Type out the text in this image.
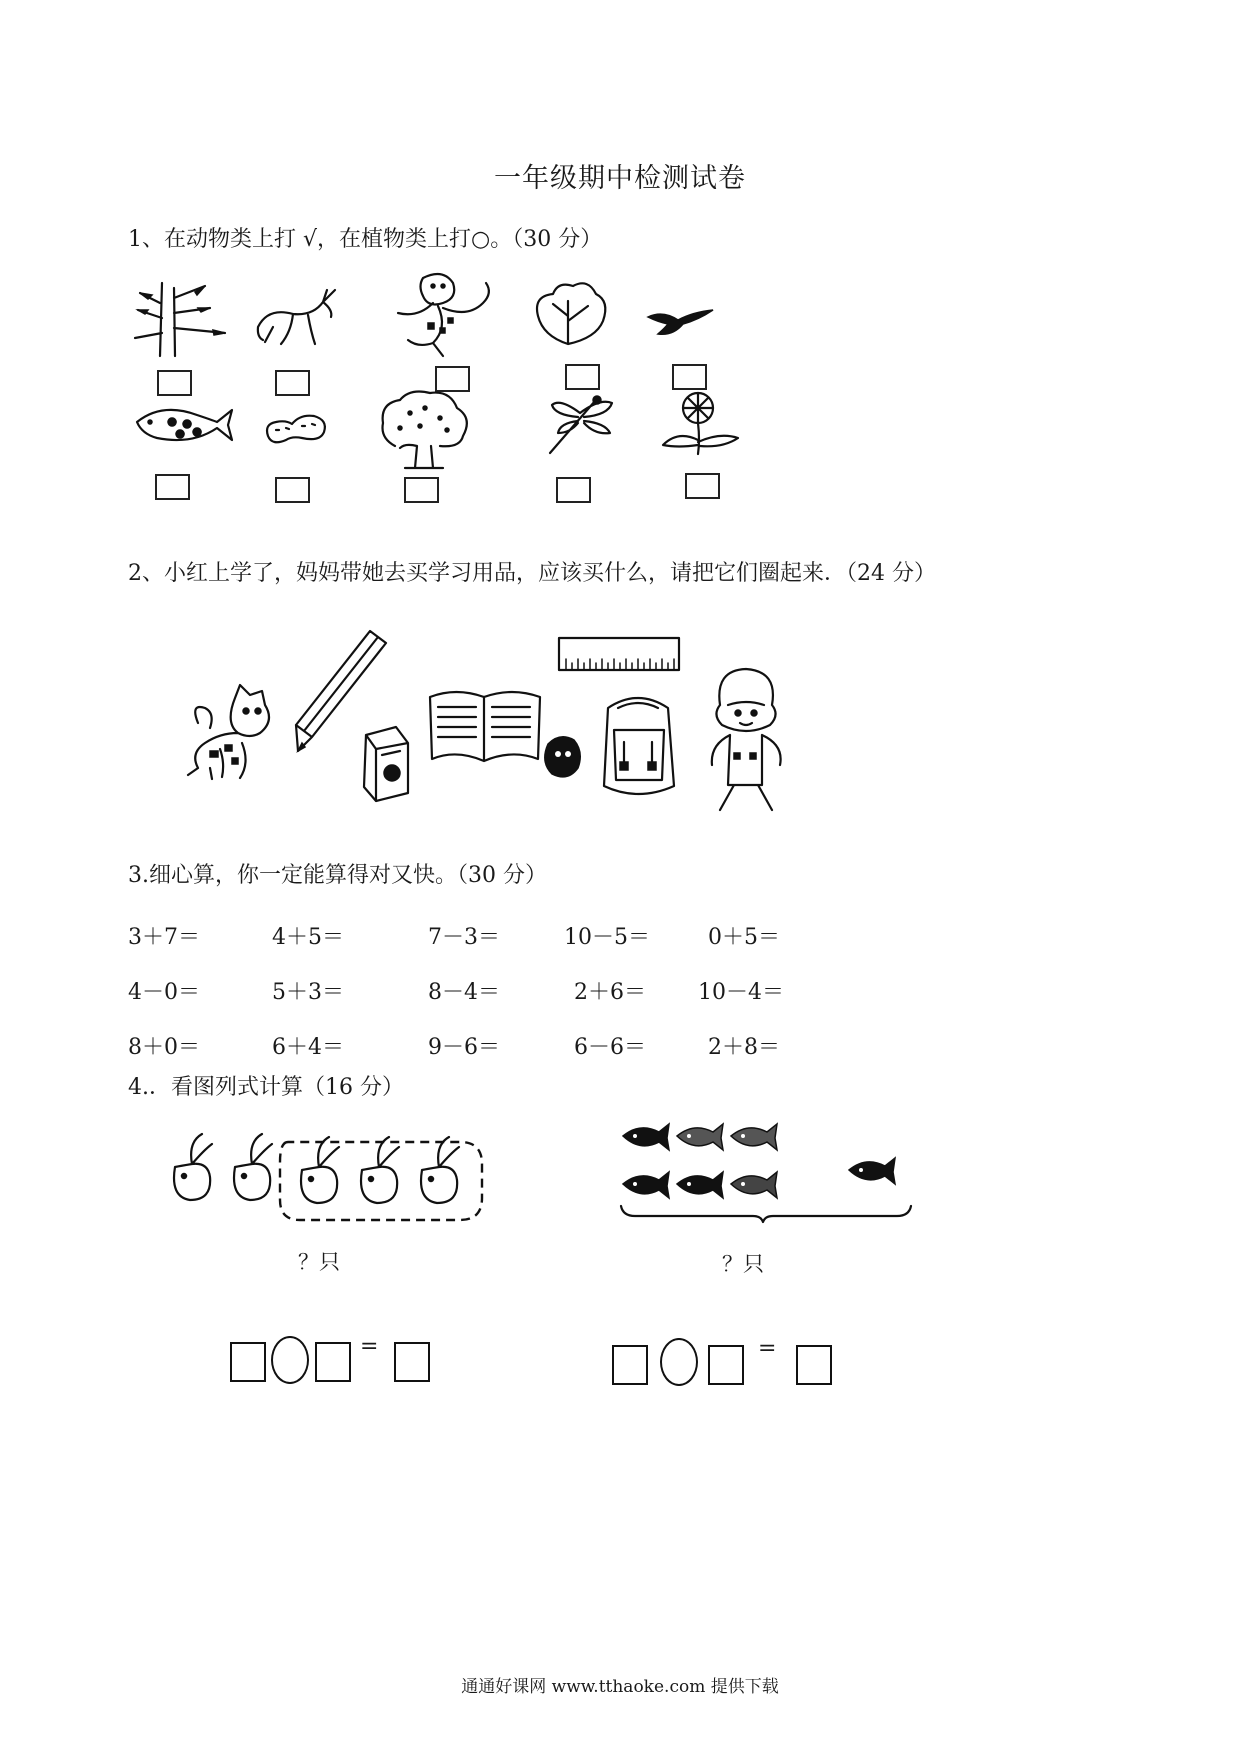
一年级期中检测试卷
1、在动物类上打 √，在植物类上打○。（30 分）
2、小红上学了，妈妈带她去买学习用品，应该买什么，请把它们圈起来．（24 分）
3.细心算，你一定能算得对又快。（30 分）
3＋7＝	4＋5＝	7－3＝	10－5＝	0＋5＝
4－0＝	5＋3＝	8－4＝	2＋6＝ 10－4＝
8＋0＝	6＋4＝	9－6＝	6－6＝	2＋8＝
4.．看图列式计算（16 分）
？只	？只
=	=
通通好课网 www.tthaoke.com 提供下载
